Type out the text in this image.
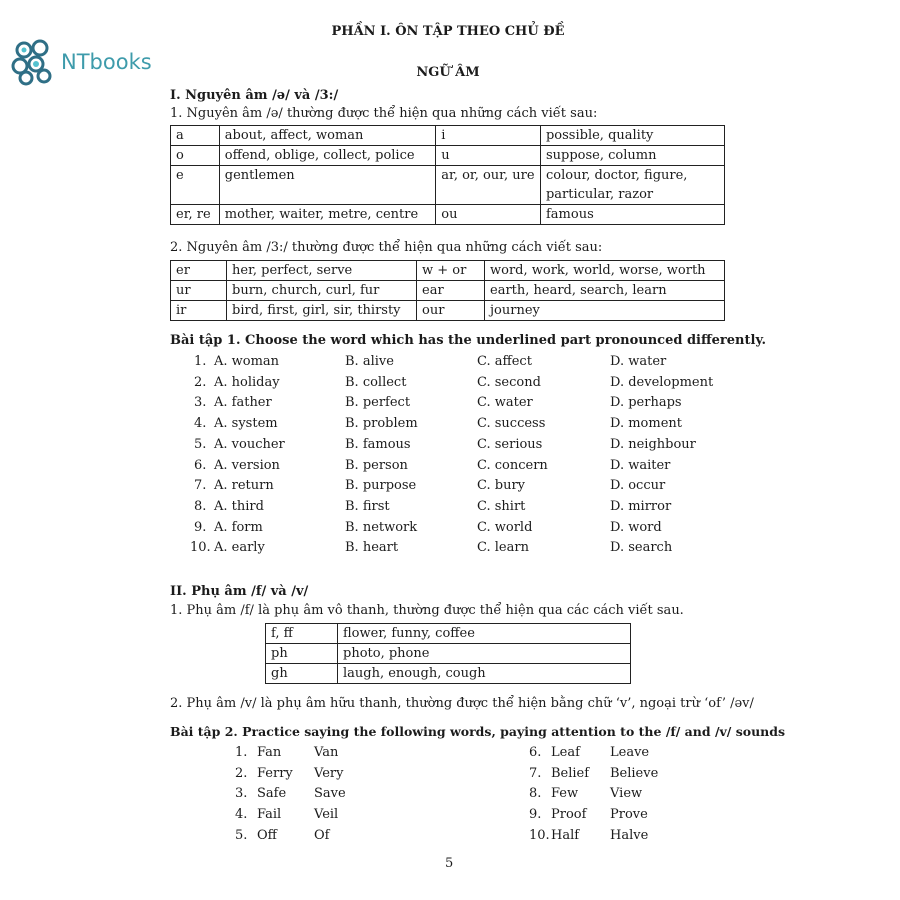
NTbooks
PHẦN I. ÔN TẬP THEO CHỦ ĐỀ
NGỮ ÂM
I. Nguyên âm /ə/ và /3:/
1. Nguyên âm /ə/ thường được thể hiện qua những cách viết sau:
a	about, affect, woman	i	possible, quality
o	offend, oblige, collect, police	u	suppose, column
e	gentlemen	ar, or, our, ure	colour, doctor, figure, particular, razor
er, re	mother, waiter, metre, centre	ou	famous
2. Nguyên âm /3:/ thường được thể hiện qua những cách viết sau:
er	her, perfect, serve	w + or	word, work, world, worse, worth
ur	burn, church, curl, fur	ear	earth, heard, search, learn
ir	bird, first, girl, sir, thirsty	our	journey
Bài tập 1. Choose the word which has the underlined part pronounced differently.
1. A. woman	B. alive	C. affect	D. water
2. A. holiday	B. collect	C. second	D. development
3. A. father	B. perfect	C. water	D. perhaps
4. A. system	B. problem	C. success	D. moment
5. A. voucher	B. famous	C. serious	D. neighbour
6. A. version	B. person	C. concern	D. waiter
7. A. return	B. purpose	C. bury	D. occur
8. A. third	B. first	C. shirt	D. mirror
9. A. form	B. network	C. world	D. word
10. A. early	B. heart	C. learn	D. search
II. Phụ âm /f/ và /v/
1. Phụ âm /f/ là phụ âm vô thanh, thường được thể hiện qua các cách viết sau.
f, ff	flower, funny, coffee
ph	photo, phone
gh	laugh, enough, cough
2. Phụ âm /v/ là phụ âm hữu thanh, thường được thể hiện bằng chữ ‘v’, ngoại trừ ‘of’ /əv/
Bài tập 2. Practice saying the following words, paying attention to the /f/ and /v/ sounds
1. Fan	Van
2. Ferry Very
3. Safe Save
4. Fail	Veil
5. Off	Of
6. Leaf Leave
7. Belief Believe
8. Few View
9. Proof Prove
10. Half Halve
5
